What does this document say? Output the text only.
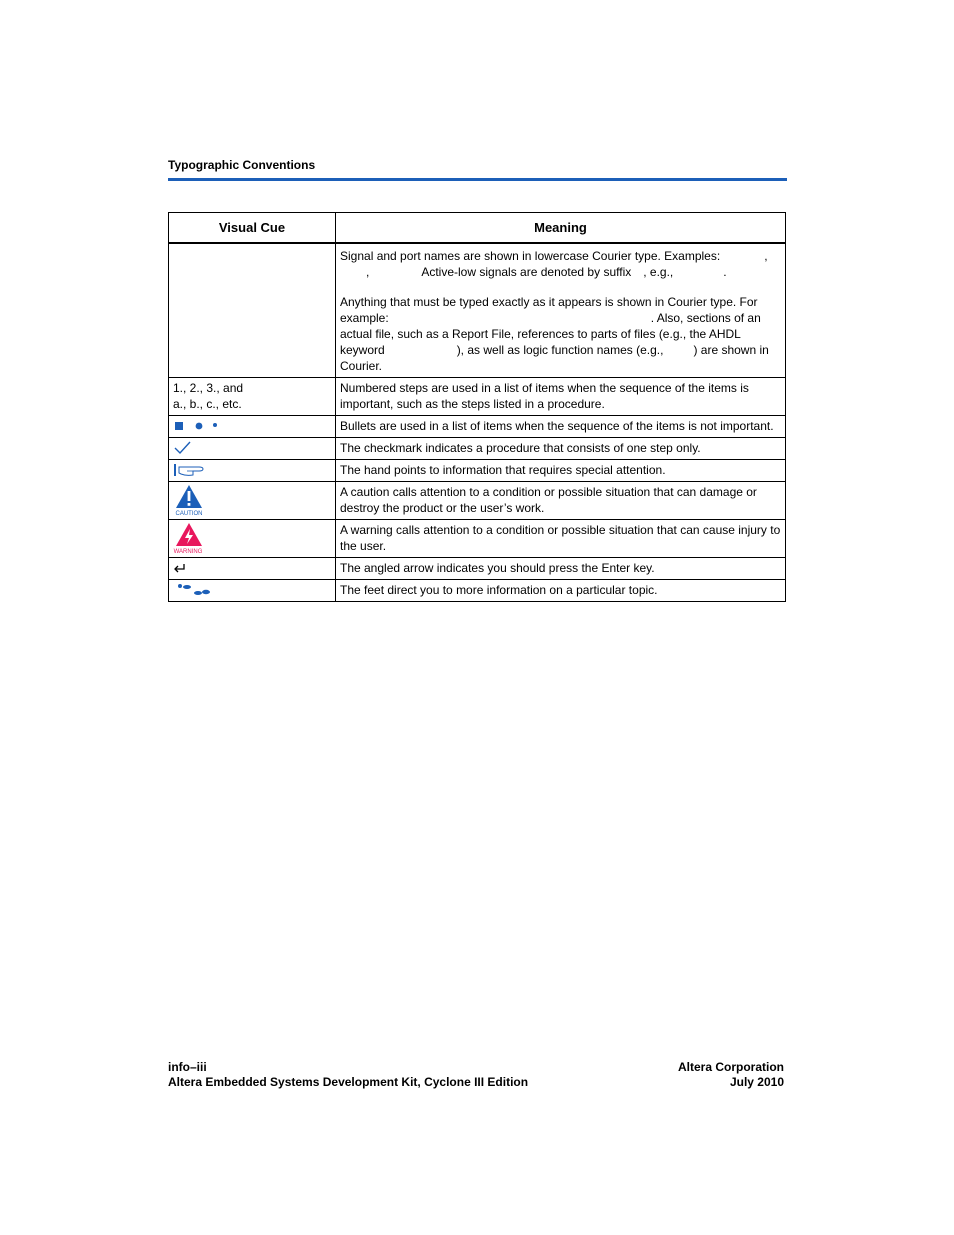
Typographic Conventions
Visual Cue	Meaning

	Signal and port names are shown in lowercase Courier type. Examples: ,
, Active-low signals are denoted by suffix , e.g., .
Anything that must be typed exactly as it appears is shown in Courier type. For example: . Also, sections of an actual file, such as a Report File, references to parts of files (e.g., the AHDL keyword ), as well as logic function names (e.g., ) are shown in Courier.

1., 2., 3., and
a., b., c., etc.	Numbered steps are used in a list of items when the sequence of the items is important, such as the steps listed in a procedure.

	Bullets are used in a list of items when the sequence of the items is not important.

	The checkmark indicates a procedure that consists of one step only.

	The hand points to information that requires special attention.

CAUTION	A caution calls attention to a condition or possible situation that can damage or destroy the product or the user’s work.

WARNING	A warning calls attention to a condition or possible situation that can cause injury to the user.

	The angled arrow indicates you should press the Enter key.

	The feet direct you to more information on a particular topic.
info–iii
Altera Embedded Systems Development Kit, Cyclone III Edition
Altera Corporation
July 2010
